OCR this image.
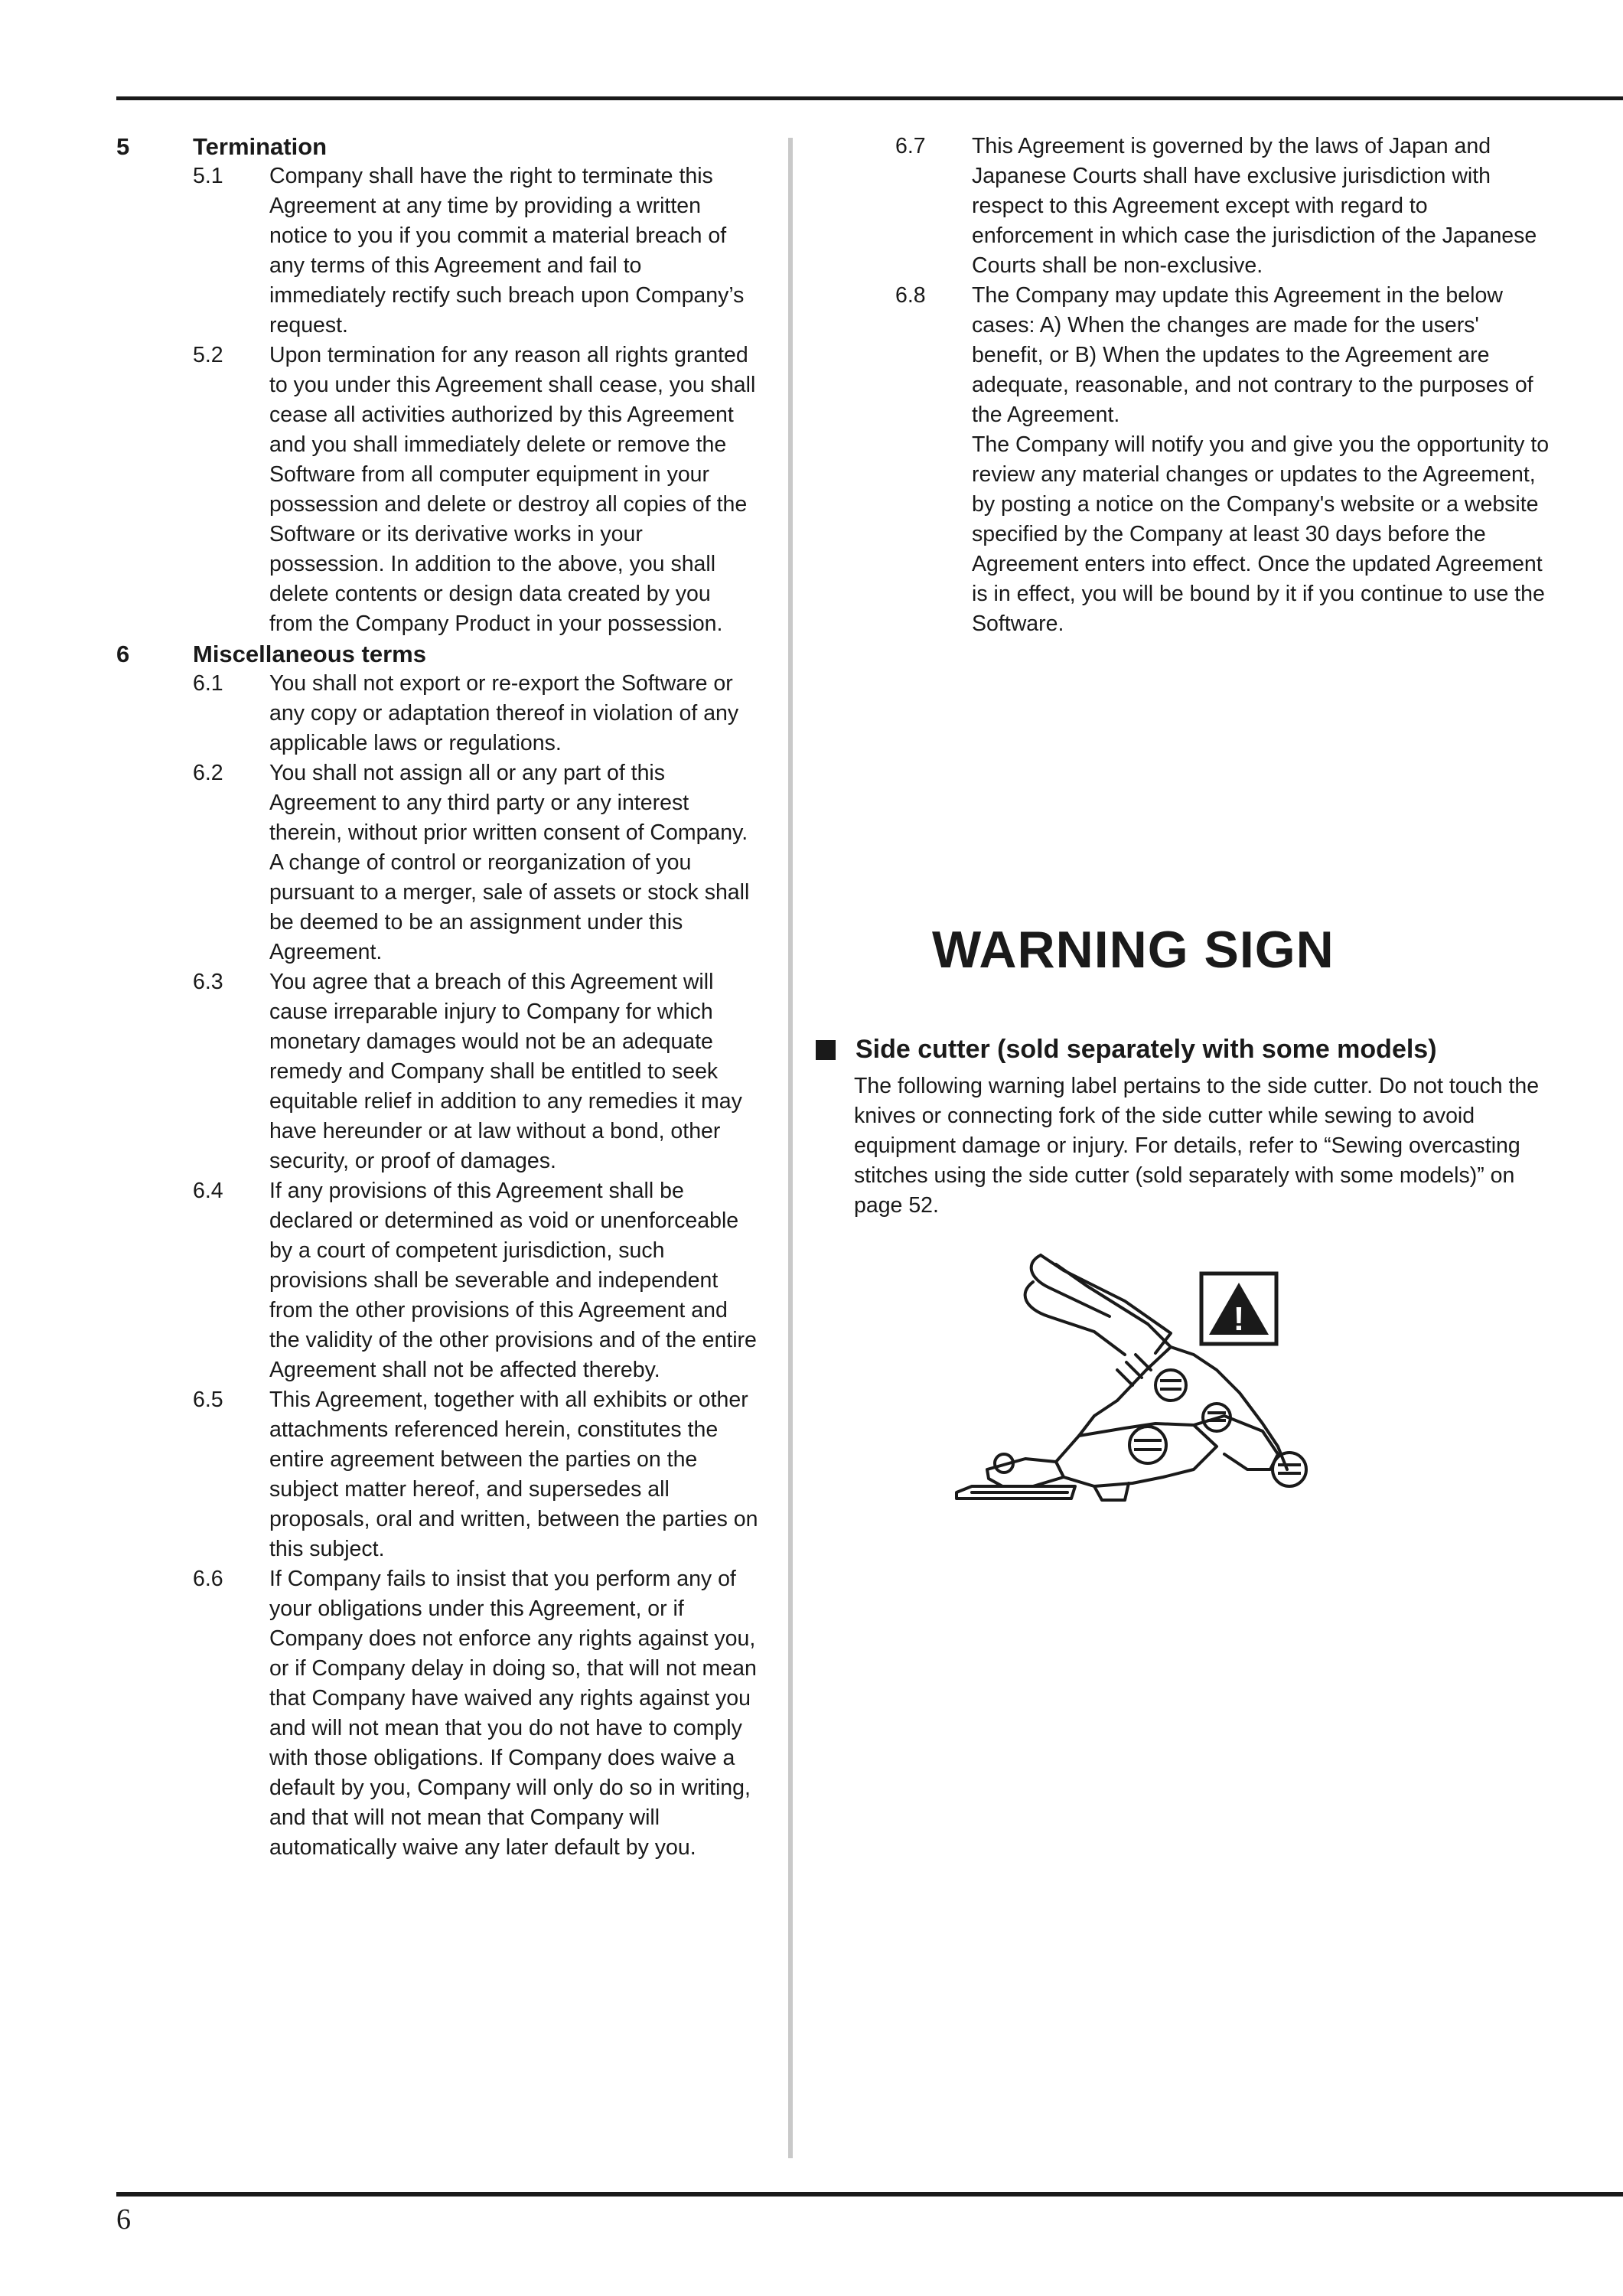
5	Termination
5.1	Company shall have the right to terminate this Agreement at any time by providing a written notice to you if you commit a material breach of any terms of this Agreement and fail to immediately rectify such breach upon Company’s request.

5.2	Upon termination for any reason all rights granted to you under this Agreement shall cease, you shall cease all activities authorized by this Agreement and you shall immediately delete or remove the Software from all computer equipment in your possession and delete or destroy all copies of the Software or its derivative works in your possession. In addition to the above, you shall delete contents or design data created by you from the Company Product in your possession.

6	Miscellaneous terms
6.1	You shall not export or re-export the Software or any copy or adaptation thereof in violation of any applicable laws or regulations.

6.2	You shall not assign all or any part of this Agreement to any third party or any interest therein, without prior written consent of Company. A change of control or reorganization of you pursuant to a merger, sale of assets or stock shall be deemed to be an assignment under this Agreement.

6.3	You agree that a breach of this Agreement will cause irreparable injury to Company for which monetary damages would not be an adequate remedy and Company shall be entitled to seek equitable relief in addition to any remedies it may have hereunder or at law without a bond, other security, or proof of damages.

6.4	If any provisions of this Agreement shall be declared or determined as void or unenforceable by a court of competent jurisdiction, such provisions shall be severable and independent from the other provisions of this Agreement and the validity of the other provisions and of the entire Agreement shall not be affected thereby.

6.5	This Agreement, together with all exhibits or other attachments referenced herein, constitutes the entire agreement between the parties on the subject matter hereof, and supersedes all proposals, oral and written, between the parties on this subject.

6.6	If Company fails to insist that you perform any of your obligations under this Agreement, or if Company does not enforce any rights against you, or if Company delay in doing so, that will not mean that Company have waived any rights against you and will not mean that you do not have to comply with those obligations. If Company does waive a default by you, Company will only do so in writing, and that will not mean that Company will automatically waive any later default by you.

6.7	This Agreement is governed by the laws of Japan and Japanese Courts shall have exclusive jurisdiction with respect to this Agreement except with regard to enforcement in which case the jurisdiction of the Japanese Courts shall be non-exclusive.

6.8	The Company may update this Agreement in the below cases: A) When the changes are made for the users' benefit, or B) When the updates to the Agreement are adequate, reasonable, and not contrary to the purposes of the Agreement.

The Company will notify you and give you the opportunity to review any material changes or updates to the Agreement, by posting a notice on the Company's website or a website specified by the Company at least 30 days before the Agreement enters into effect. Once the updated Agreement is in effect, you will be bound by it if you continue to use the Software.

WARNING SIGN
Side cutter (sold separately with some models)

The following warning label pertains to the side cutter. Do not touch the knives or connecting fork of the side cutter while sewing to avoid equipment damage or injury. For details, refer to “Sewing overcasting stitches using the side cutter (sold separately with some models)” on page 52.

!
6
